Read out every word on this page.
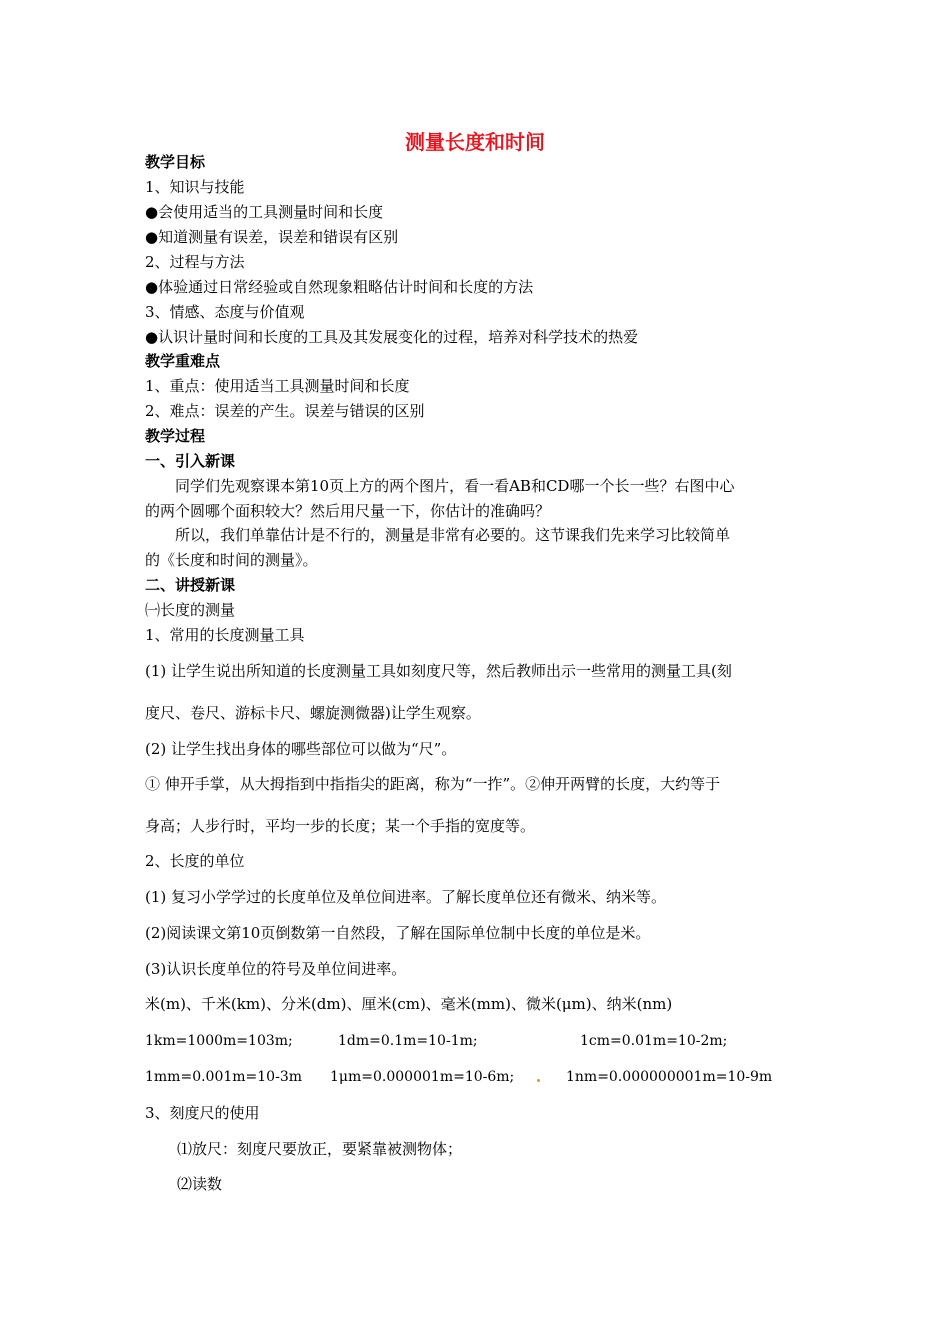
测量长度和时间
教学目标
1、知识与技能
●会使用适当的工具测量时间和长度
●知道测量有误差，误差和错误有区别
2、过程与方法
●体验通过日常经验或自然现象粗略估计时间和长度的方法
3、情感、态度与价值观
●认识计量时间和长度的工具及其发展变化的过程，培养对科学技术的热爱
教学重难点
1、重点：使用适当工具测量时间和长度
2、难点：误差的产生。误差与错误的区别
教学过程
一、引入新课
同学们先观察课本第10页上方的两个图片，看一看AB和CD哪一个长一些？右图中心
的两个圆哪个面积较大？然后用尺量一下，你估计的准确吗？
所以，我们单靠估计是不行的，测量是非常有必要的。这节课我们先来学习比较简单
的《长度和时间的测量》。
二、讲授新课
㈠长度的测量
1、常用的长度测量工具
(1) 让学生说出所知道的长度测量工具如刻度尺等，然后教师出示一些常用的测量工具(刻
度尺、卷尺、游标卡尺、螺旋测微器)让学生观察。
(2) 让学生找出身体的哪些部位可以做为“尺”。
① 伸开手掌，从大拇指到中指指尖的距离，称为“一拃”。②伸开两臂的长度，大约等于
身高；人步行时，平均一步的长度；某一个手指的宽度等。
2、长度的单位
(1) 复习小学学过的长度单位及单位间进率。了解长度单位还有微米、纳米等。
(2)阅读课文第10页倒数第一自然段，了解在国际单位制中长度的单位是米。
(3)认识长度单位的符号及单位间进率。
米(m)、千米(km)、分米(dm)、厘米(cm)、毫米(mm)、微米(μm)、纳米(nm)
1km=1000m=103m;	1dm=0.1m=10-1m;	1cm=0.01m=10-2m;
1mm=0.001m=10-3m 1μm=0.000001m=10-6m;	1nm=0.000000001m=10-9m
3、刻度尺的使用
⑴放尺：刻度尺要放正，要紧靠被测物体；
⑵读数
